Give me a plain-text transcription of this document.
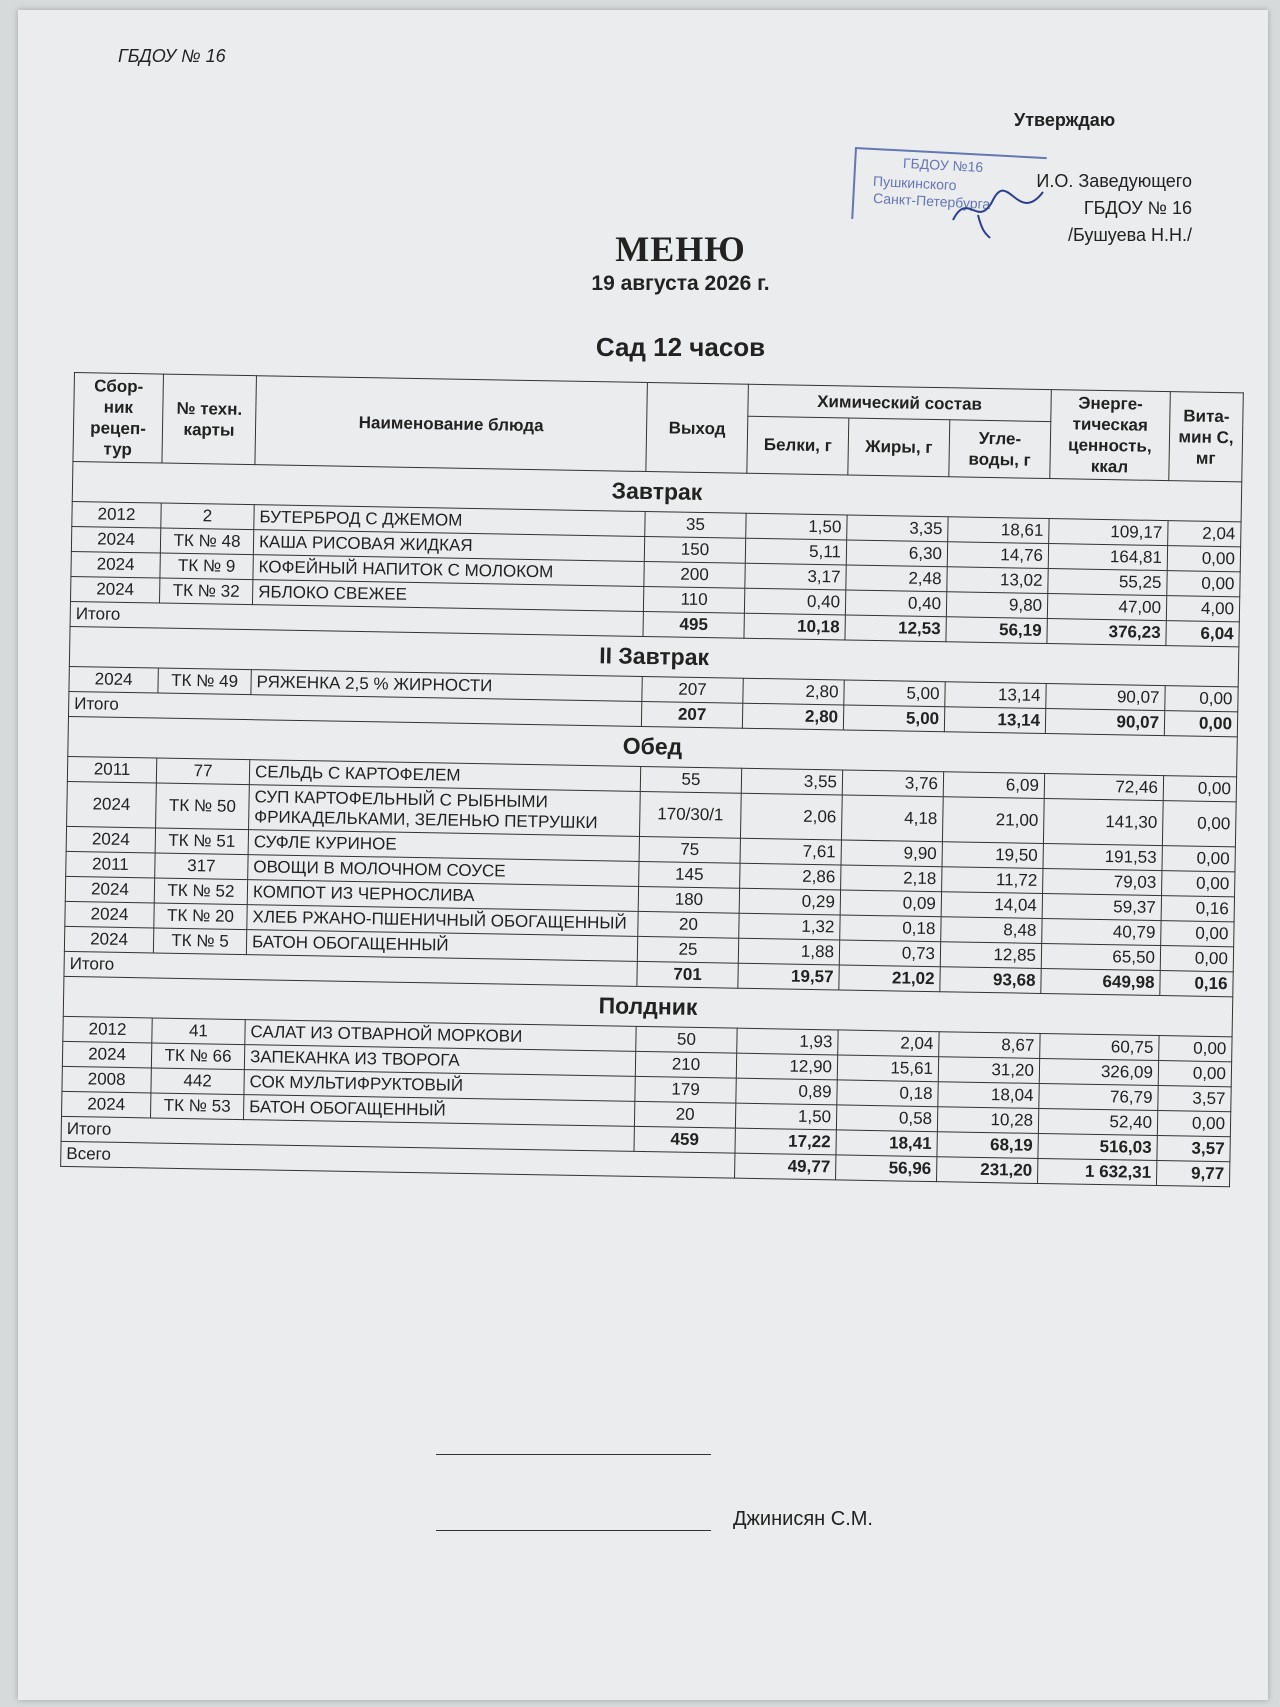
ГБДОУ № 16
Утверждаю
ГБДОУ №16
Пушкинского
Санкт-Петербурга
И.О. Заведующего
ГБДОУ № 16
/Бушуева Н.Н./
МЕНЮ
19 августа 2026 г.
Сад 12 часов
Сбор-ник рецеп-тур	№ техн. карты	Наименование блюда	Выход	Химический состав			Энерге-тическая ценность, ккал	Вита-мин С, мг
				Белки, г	Жиры, г	Угле-воды, г		
Завтрак								
2012	2	БУТЕРБРОД С ДЖЕМОМ	35	1,50	3,35	18,61	109,17	2,04
2024	ТК № 48	КАША РИСОВАЯ ЖИДКАЯ	150	5,11	6,30	14,76	164,81	0,00
2024	ТК № 9	КОФЕЙНЫЙ НАПИТОК С МОЛОКОМ	200	3,17	2,48	13,02	55,25	0,00
2024	ТК № 32	ЯБЛОКО СВЕЖЕЕ	110	0,40	0,40	9,80	47,00	4,00
Итого			495	10,18	12,53	56,19	376,23	6,04
II Завтрак								
2024	ТК № 49	РЯЖЕНКА 2,5 % ЖИРНОСТИ	207	2,80	5,00	13,14	90,07	0,00
Итого			207	2,80	5,00	13,14	90,07	0,00
Обед								
2011	77	СЕЛЬДЬ С КАРТОФЕЛЕМ	55	3,55	3,76	6,09	72,46	0,00
2024	ТК № 50	СУП КАРТОФЕЛЬНЫЙ С РЫБНЫМИ ФРИКАДЕЛЬКАМИ, ЗЕЛЕНЬЮ ПЕТРУШКИ	170/30/1	2,06	4,18	21,00	141,30	0,00
2024	ТК № 51	СУФЛЕ КУРИНОЕ	75	7,61	9,90	19,50	191,53	0,00
2011	317	ОВОЩИ В МОЛОЧНОМ СОУСЕ	145	2,86	2,18	11,72	79,03	0,00
2024	ТК № 52	КОМПОТ ИЗ ЧЕРНОСЛИВА	180	0,29	0,09	14,04	59,37	0,16
2024	ТК № 20	ХЛЕБ РЖАНО-ПШЕНИЧНЫЙ ОБОГАЩЕННЫЙ	20	1,32	0,18	8,48	40,79	0,00
2024	ТК № 5	БАТОН ОБОГАЩЕННЫЙ	25	1,88	0,73	12,85	65,50	0,00
Итого			701	19,57	21,02	93,68	649,98	0,16
Полдник								
2012	41	САЛАТ ИЗ ОТВАРНОЙ МОРКОВИ	50	1,93	2,04	8,67	60,75	0,00
2024	ТК № 66	ЗАПЕКАНКА ИЗ ТВОРОГА	210	12,90	15,61	31,20	326,09	0,00
2008	442	СОК МУЛЬТИФРУКТОВЫЙ	179	0,89	0,18	18,04	76,79	3,57
2024	ТК № 53	БАТОН ОБОГАЩЕННЫЙ	20	1,50	0,58	10,28	52,40	0,00
Итого			459	17,22	18,41	68,19	516,03	3,57
Всего				49,77	56,96	231,20	1 632,31	9,77
Джинисян С.М.
